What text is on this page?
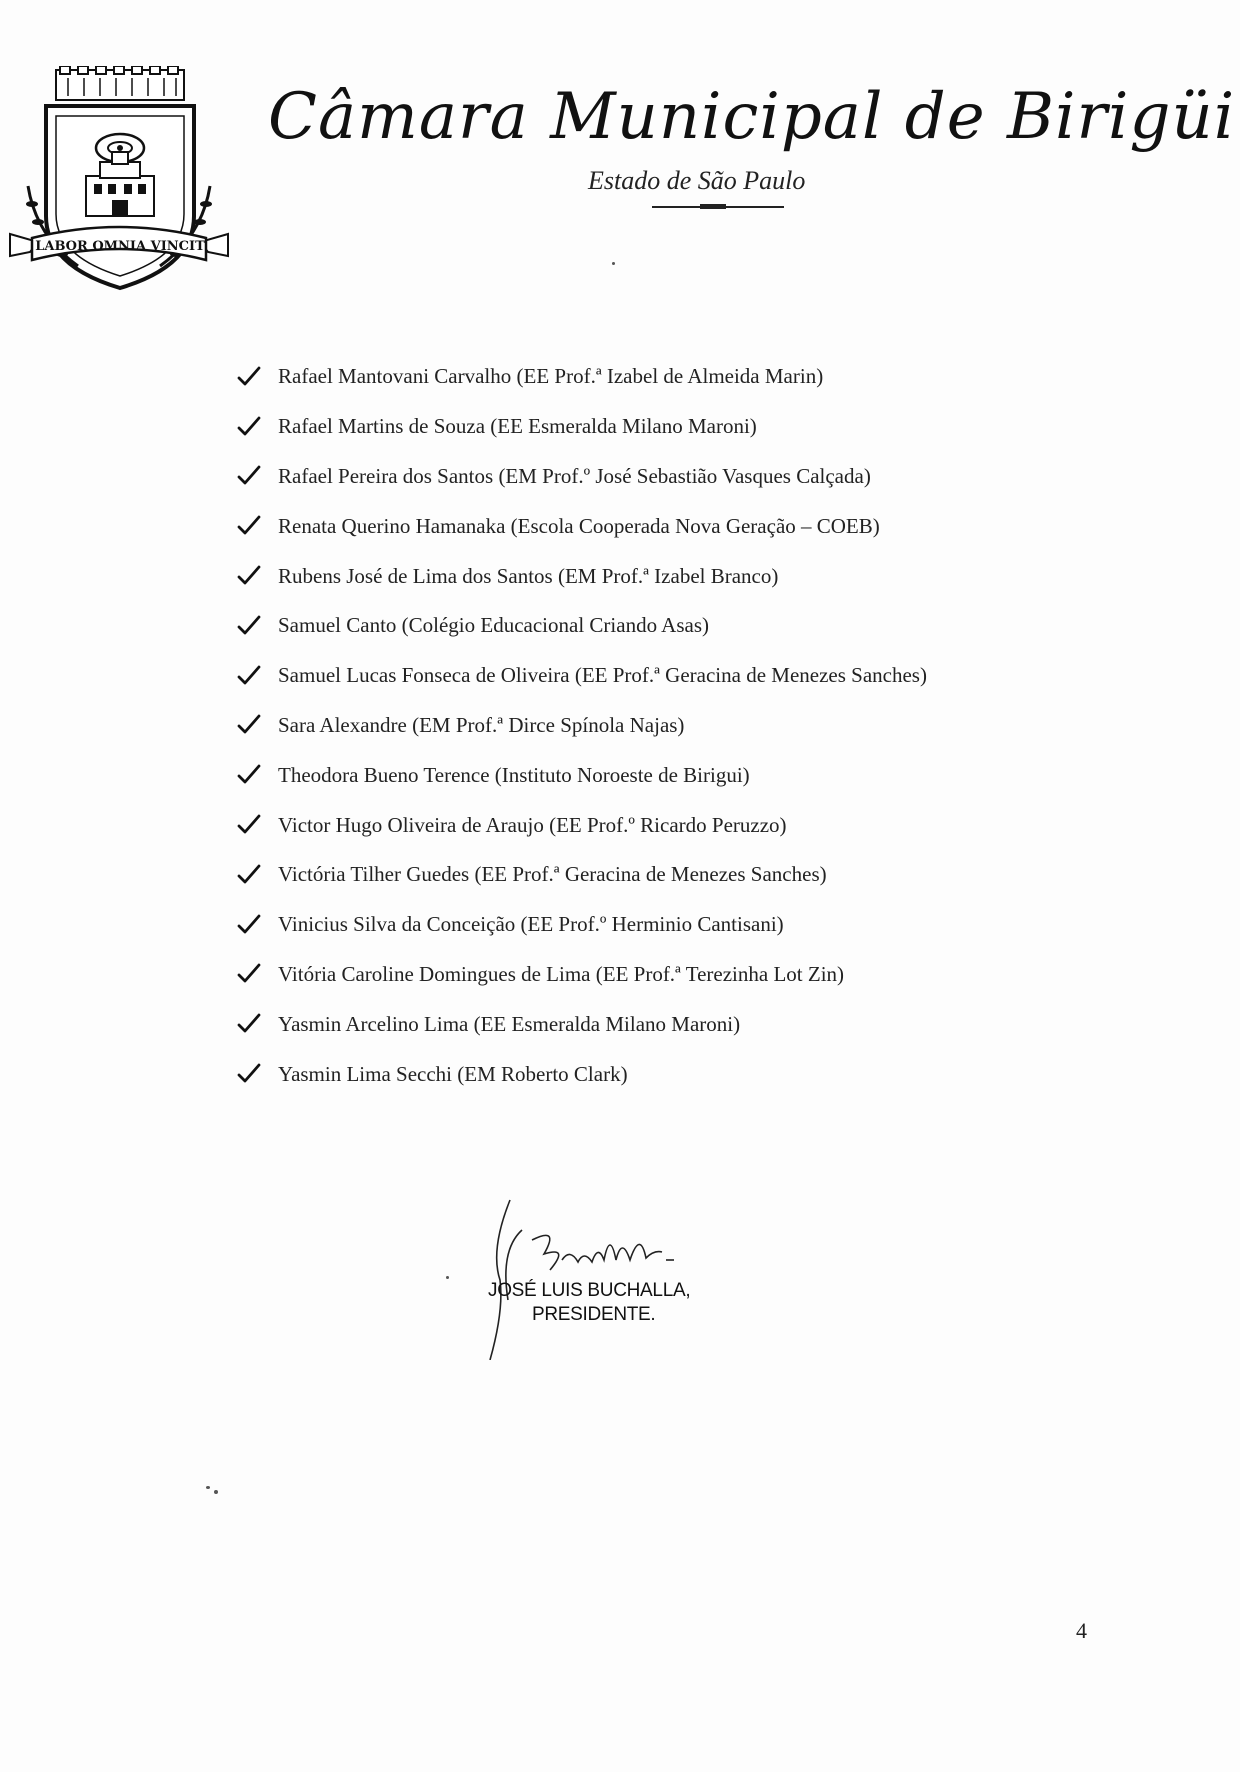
LABOR OMNIA VINCIT
Câmara Municipal de Birigüi
Estado de São Paulo
Rafael Mantovani Carvalho (EE Prof.ª Izabel de Almeida Marin)
Rafael Martins de Souza (EE Esmeralda Milano Maroni)
Rafael Pereira dos Santos (EM Prof.º José Sebastião Vasques Calçada)
Renata Querino Hamanaka (Escola Cooperada Nova Geração – COEB)
Rubens José de Lima dos Santos (EM Prof.ª Izabel Branco)
Samuel Canto (Colégio Educacional Criando Asas)
Samuel Lucas Fonseca de Oliveira (EE Prof.ª Geracina de Menezes Sanches)
Sara Alexandre (EM Prof.ª Dirce Spínola Najas)
Theodora Bueno Terence (Instituto Noroeste de Birigui)
Victor Hugo Oliveira de Araujo (EE Prof.º Ricardo Peruzzo)
Victória Tilher Guedes (EE Prof.ª Geracina de Menezes Sanches)
Vinicius Silva da Conceição (EE Prof.º Herminio Cantisani)
Vitória Caroline Domingues de Lima (EE Prof.ª Terezinha Lot Zin)
Yasmin Arcelino Lima (EE Esmeralda Milano Maroni)
Yasmin Lima Secchi (EM Roberto Clark)
JOSÉ LUIS BUCHALLA,
PRESIDENTE.
4
